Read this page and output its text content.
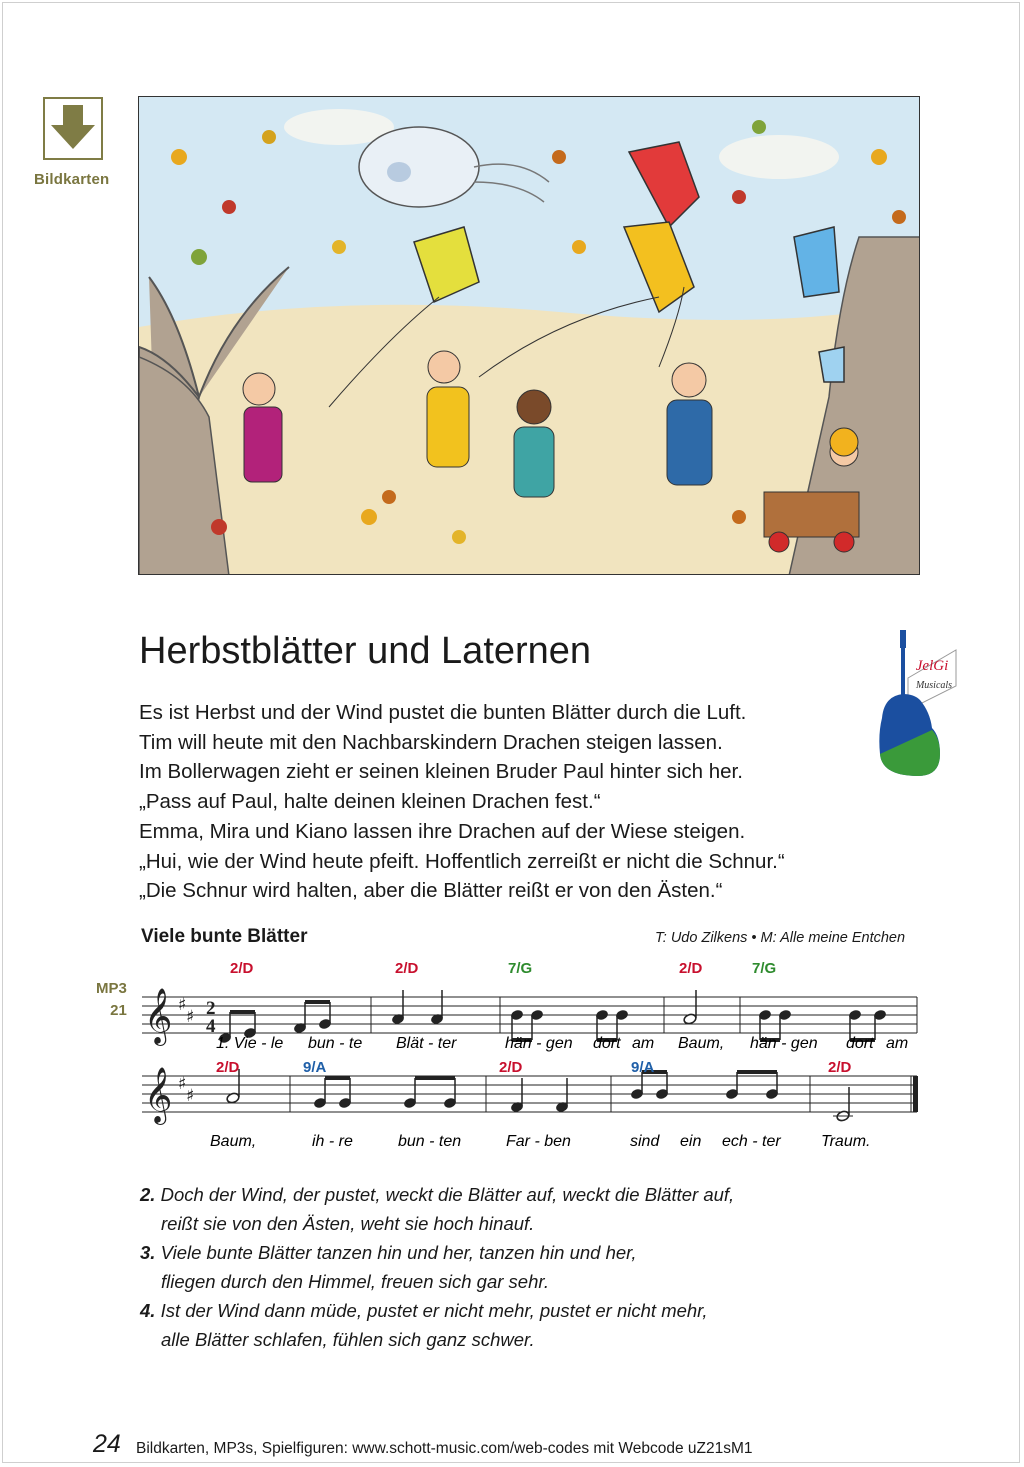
Bildkarten
Herbstblätter und Laternen	JelGi
Musicals
Es ist Herbst und der Wind pustet die bunten Blätter durch die Luft.
Tim will heute mit den Nachbarskindern Drachen steigen lassen.
Im Bollerwagen zieht er seinen kleinen Bruder Paul hinter sich her.
„Pass auf Paul, halte deinen kleinen Drachen fest.“
Emma, Mira und Kiano lassen ihre Drachen auf der Wiese steigen.
„Hui, wie der Wind heute pfeift. Hoffentlich zerreißt er nicht die Schnur.“
„Die Schnur wird halten, aber die Blätter reißt er von den Ästen.“
Viele bunte Blätter	T: Udo Zilkens • M: Alle meine Entchen
MP3
21 𝄞 ♯
♯ 2
4
𝄞 ♯
♯
2/D	2/D	7/G	2/D	7/G
1. Vie - le bun - te Blät - ter	hän - gen dort am Baum, hän - gen dort am
2/D	9/A	2/D	9/A	2/D
Baum,	ih - re	bun - ten	Far - ben	sind ein ech - ter	Traum.
2. Doch der Wind, der pustet, weckt die Blätter auf, weckt die Blätter auf,
reißt sie von den Ästen, weht sie hoch hinauf.
3. Viele bunte Blätter tanzen hin und her, tanzen hin und her,
fliegen durch den Himmel, freuen sich gar sehr.
4. Ist der Wind dann müde, pustet er nicht mehr, pustet er nicht mehr,
alle Blätter schlafen, fühlen sich ganz schwer.
24 Bildkarten, MP3s, Spielfiguren: www.schott-music.com/web-codes mit Webcode uZ21sM1
